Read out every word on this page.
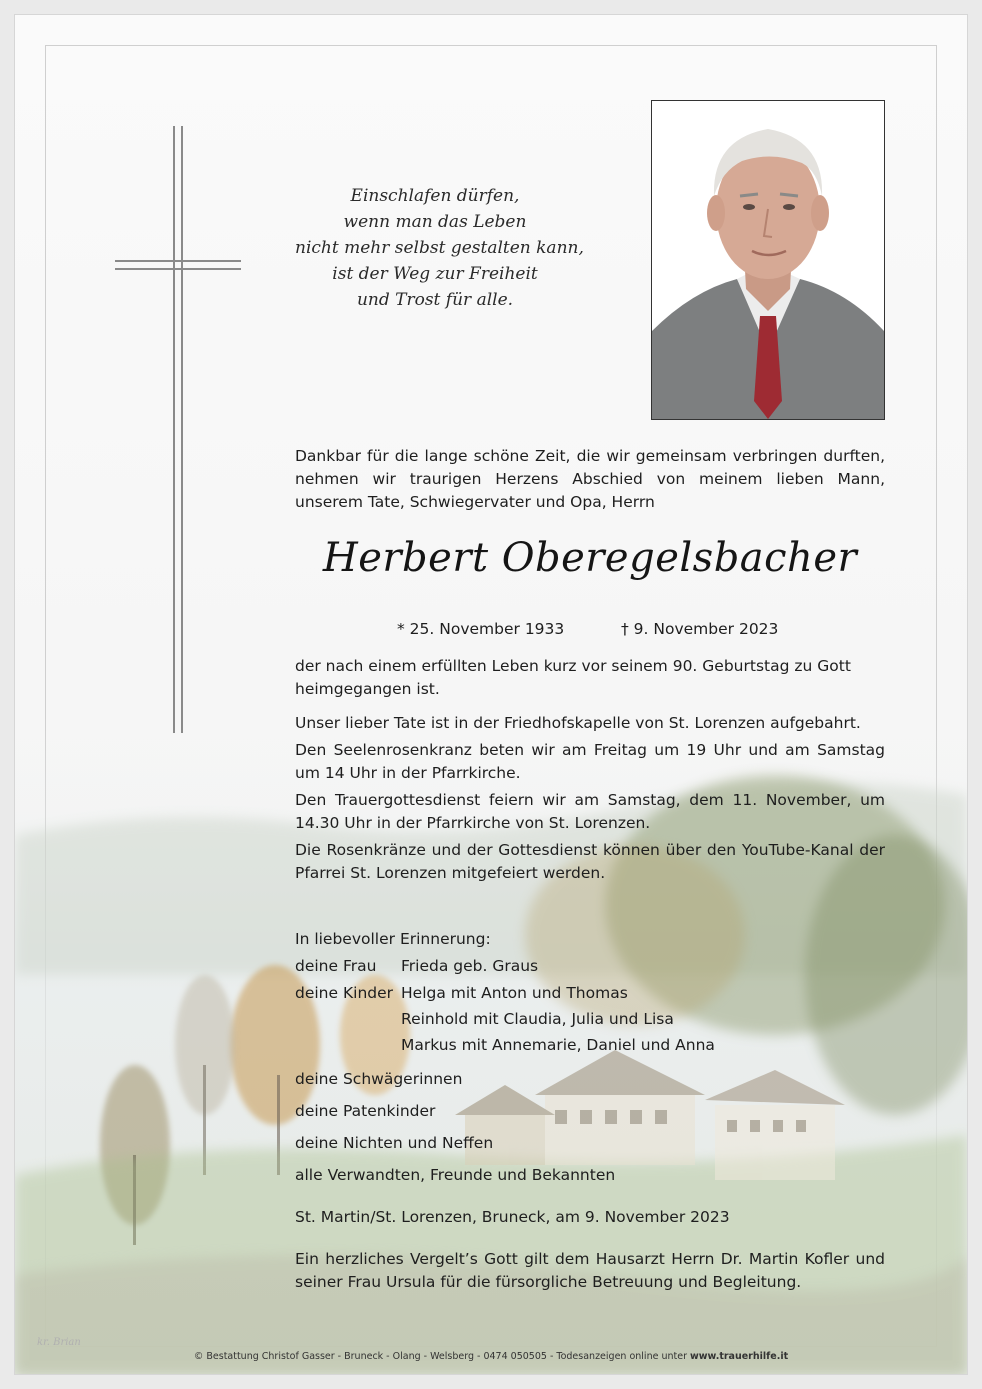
Einschlafen dürfen,
wenn man das Leben
nicht mehr selbst gestalten kann,
ist der Weg zur Freiheit
und Trost für alle.
Dankbar für die lange schöne Zeit, die wir gemeinsam verbringen durften, nehmen wir traurigen Herzens Abschied von meinem lieben Mann, unserem Tate, Schwiegervater und Opa, Herrn
Herbert Oberegelsbacher
* 25. November 1933	† 9. November 2023
der nach einem erfüllten Leben kurz vor seinem 90. Geburtstag zu Gott heimgegangen ist.

Unser lieber Tate ist in der Friedhofskapelle von St. Lorenzen aufgebahrt.

Den Seelenrosenkranz beten wir am Freitag um 19 Uhr und am Samstag um 14 Uhr in der Pfarrkirche.

Den Trauergottesdienst feiern wir am Samstag, dem 11. November, um 14.30 Uhr in der Pfarrkirche von St. Lorenzen.

Die Rosenkränze und der Gottesdienst können über den YouTube-Kanal der Pfarrei St. Lorenzen mitgefeiert werden.

In liebevoller Erinnerung:
deine Frau	Frieda geb. Graus

deine Kinder	Helga mit Anton und Thomas
Reinhold mit Claudia, Julia und Lisa
Markus mit Annemarie, Daniel und Anna
deine Schwägerinnen
deine Patenkinder
deine Nichten und Neffen
alle Verwandten, Freunde und Bekannten
St. Martin/St. Lorenzen, Bruneck, am 9. November 2023
Ein herzliches Vergelt’s Gott gilt dem Hausarzt Herrn Dr. Martin Kofler und seiner Frau Ursula für die fürsorgliche Betreuung und Begleitung.
kr. Brian
© Bestattung Christof Gasser - Bruneck - Olang - Welsberg - 0474 050505 - Todesanzeigen online unter www.trauerhilfe.it
